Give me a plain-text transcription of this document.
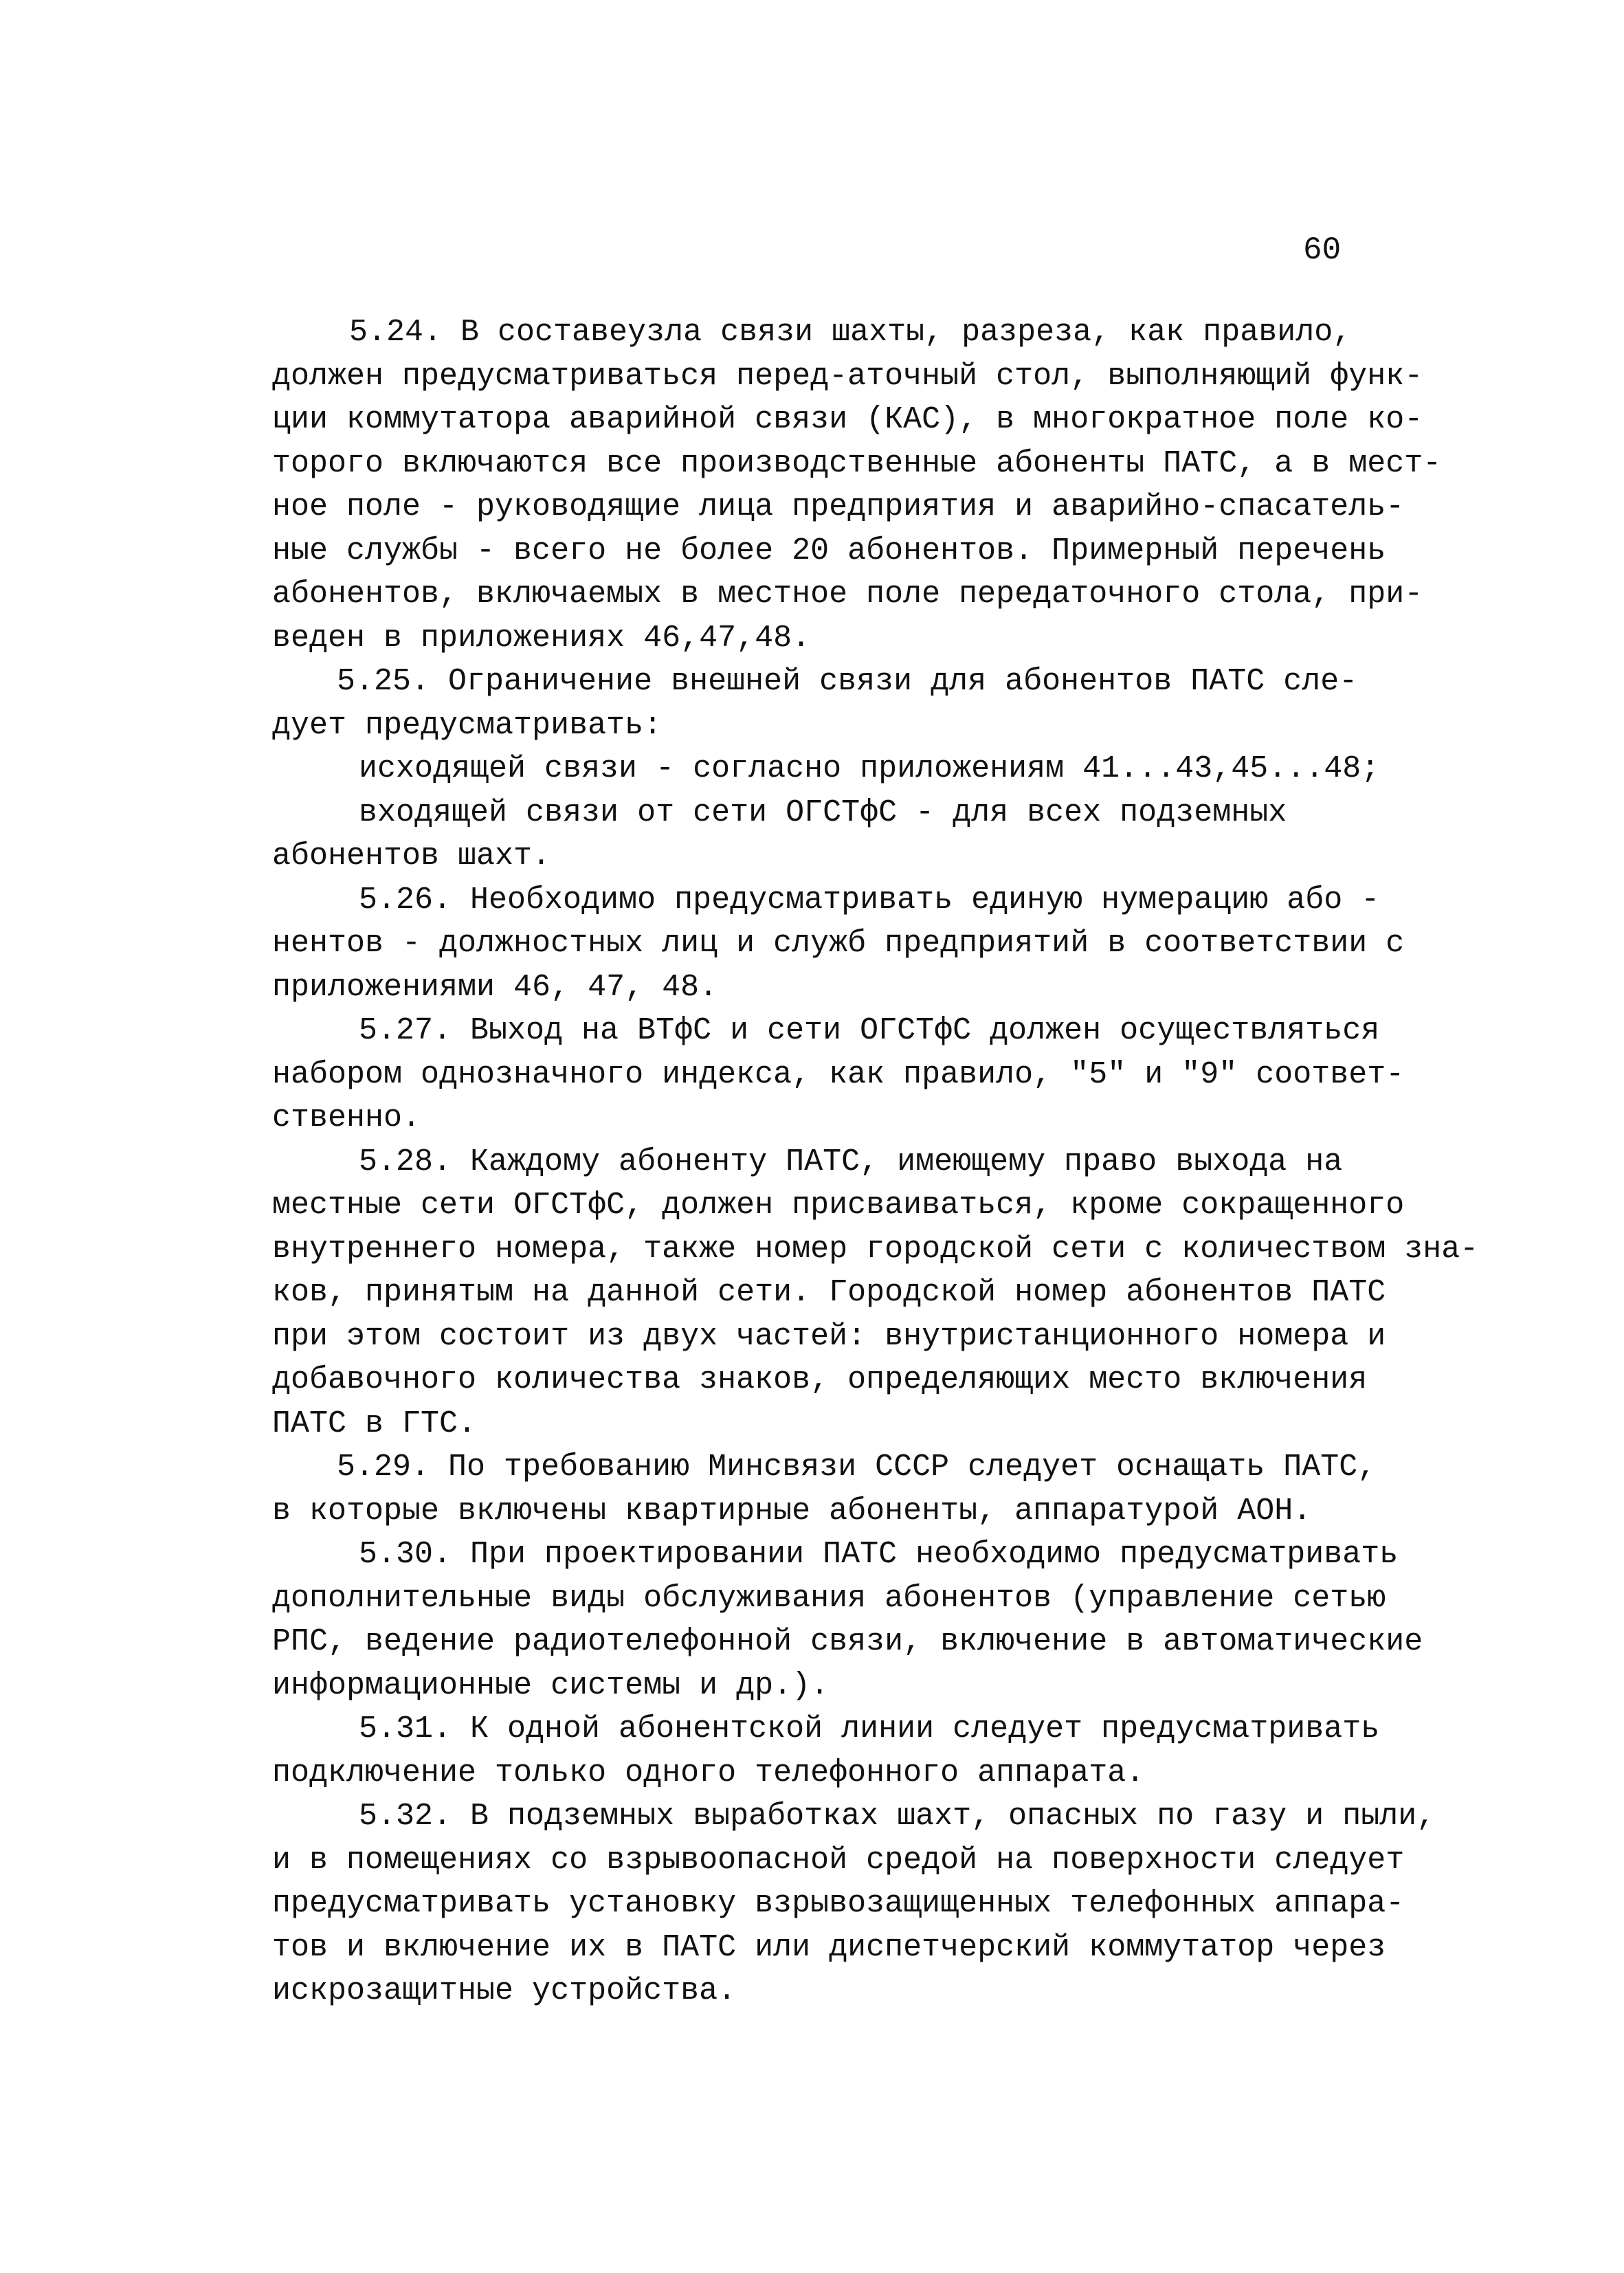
60
5.24. В составеузла связи шахты, разреза, как правило,
должен предусматриваться перед-аточный стол, выполняющий функ-
ции коммутатора аварийной связи (КАС), в многократное поле ко-
торого включаются все производственные абоненты ПАТС, а в мест-
ное поле - руководящие лица предприятия и аварийно-спасатель-
ные службы - всего не более 20 абонентов. Примерный перечень
абонентов, включаемых в местное поле передаточного стола, при-
веден в приложениях 46,47,48.
5.25. Ограничение внешней связи для абонентов ПАТС сле-
дует предусматривать:
исходящей связи - согласно приложениям 41...43,45...48;
входящей связи от сети ОГСТфС - для всех подземных
абонентов шахт.
5.26. Необходимо предусматривать единую нумерацию або -
нентов - должностных лиц и служб предприятий в соответствии с
приложениями 46, 47, 48.
5.27. Выход на ВТфС и сети ОГСТфС должен осуществляться
набором однозначного индекса, как правило, "5" и "9" соответ-
ственно.
5.28. Каждому абоненту ПАТС, имеющему право выхода на
местные сети ОГСТфС, должен присваиваться, кроме сокращенного
внутреннего номера, также номер городской сети с количеством зна-
ков, принятым на данной сети. Городской номер абонентов ПАТС
при этом состоит из двух частей: внутристанционного номера и
добавочного количества знаков, определяющих место включения
ПАТС в ГТС.
5.29. По требованию Минсвязи СССР следует оснащать ПАТС,
в которые включены квартирные абоненты, аппаратурой АОН.
5.30. При проектировании ПАТС необходимо предусматривать
дополнительные виды обслуживания абонентов (управление сетью
РПС, ведение радиотелефонной связи, включение в автоматические
информационные системы и др.).
5.31. К одной абонентской линии следует предусматривать
подключение только одного телефонного аппарата.
5.32. В подземных выработках шахт, опасных по газу и пыли,
и в помещениях со взрывоопасной средой на поверхности следует
предусматривать установку взрывозащищенных телефонных аппара-
тов и включение их в ПАТС или диспетчерский коммутатор через
искрозащитные устройства.
